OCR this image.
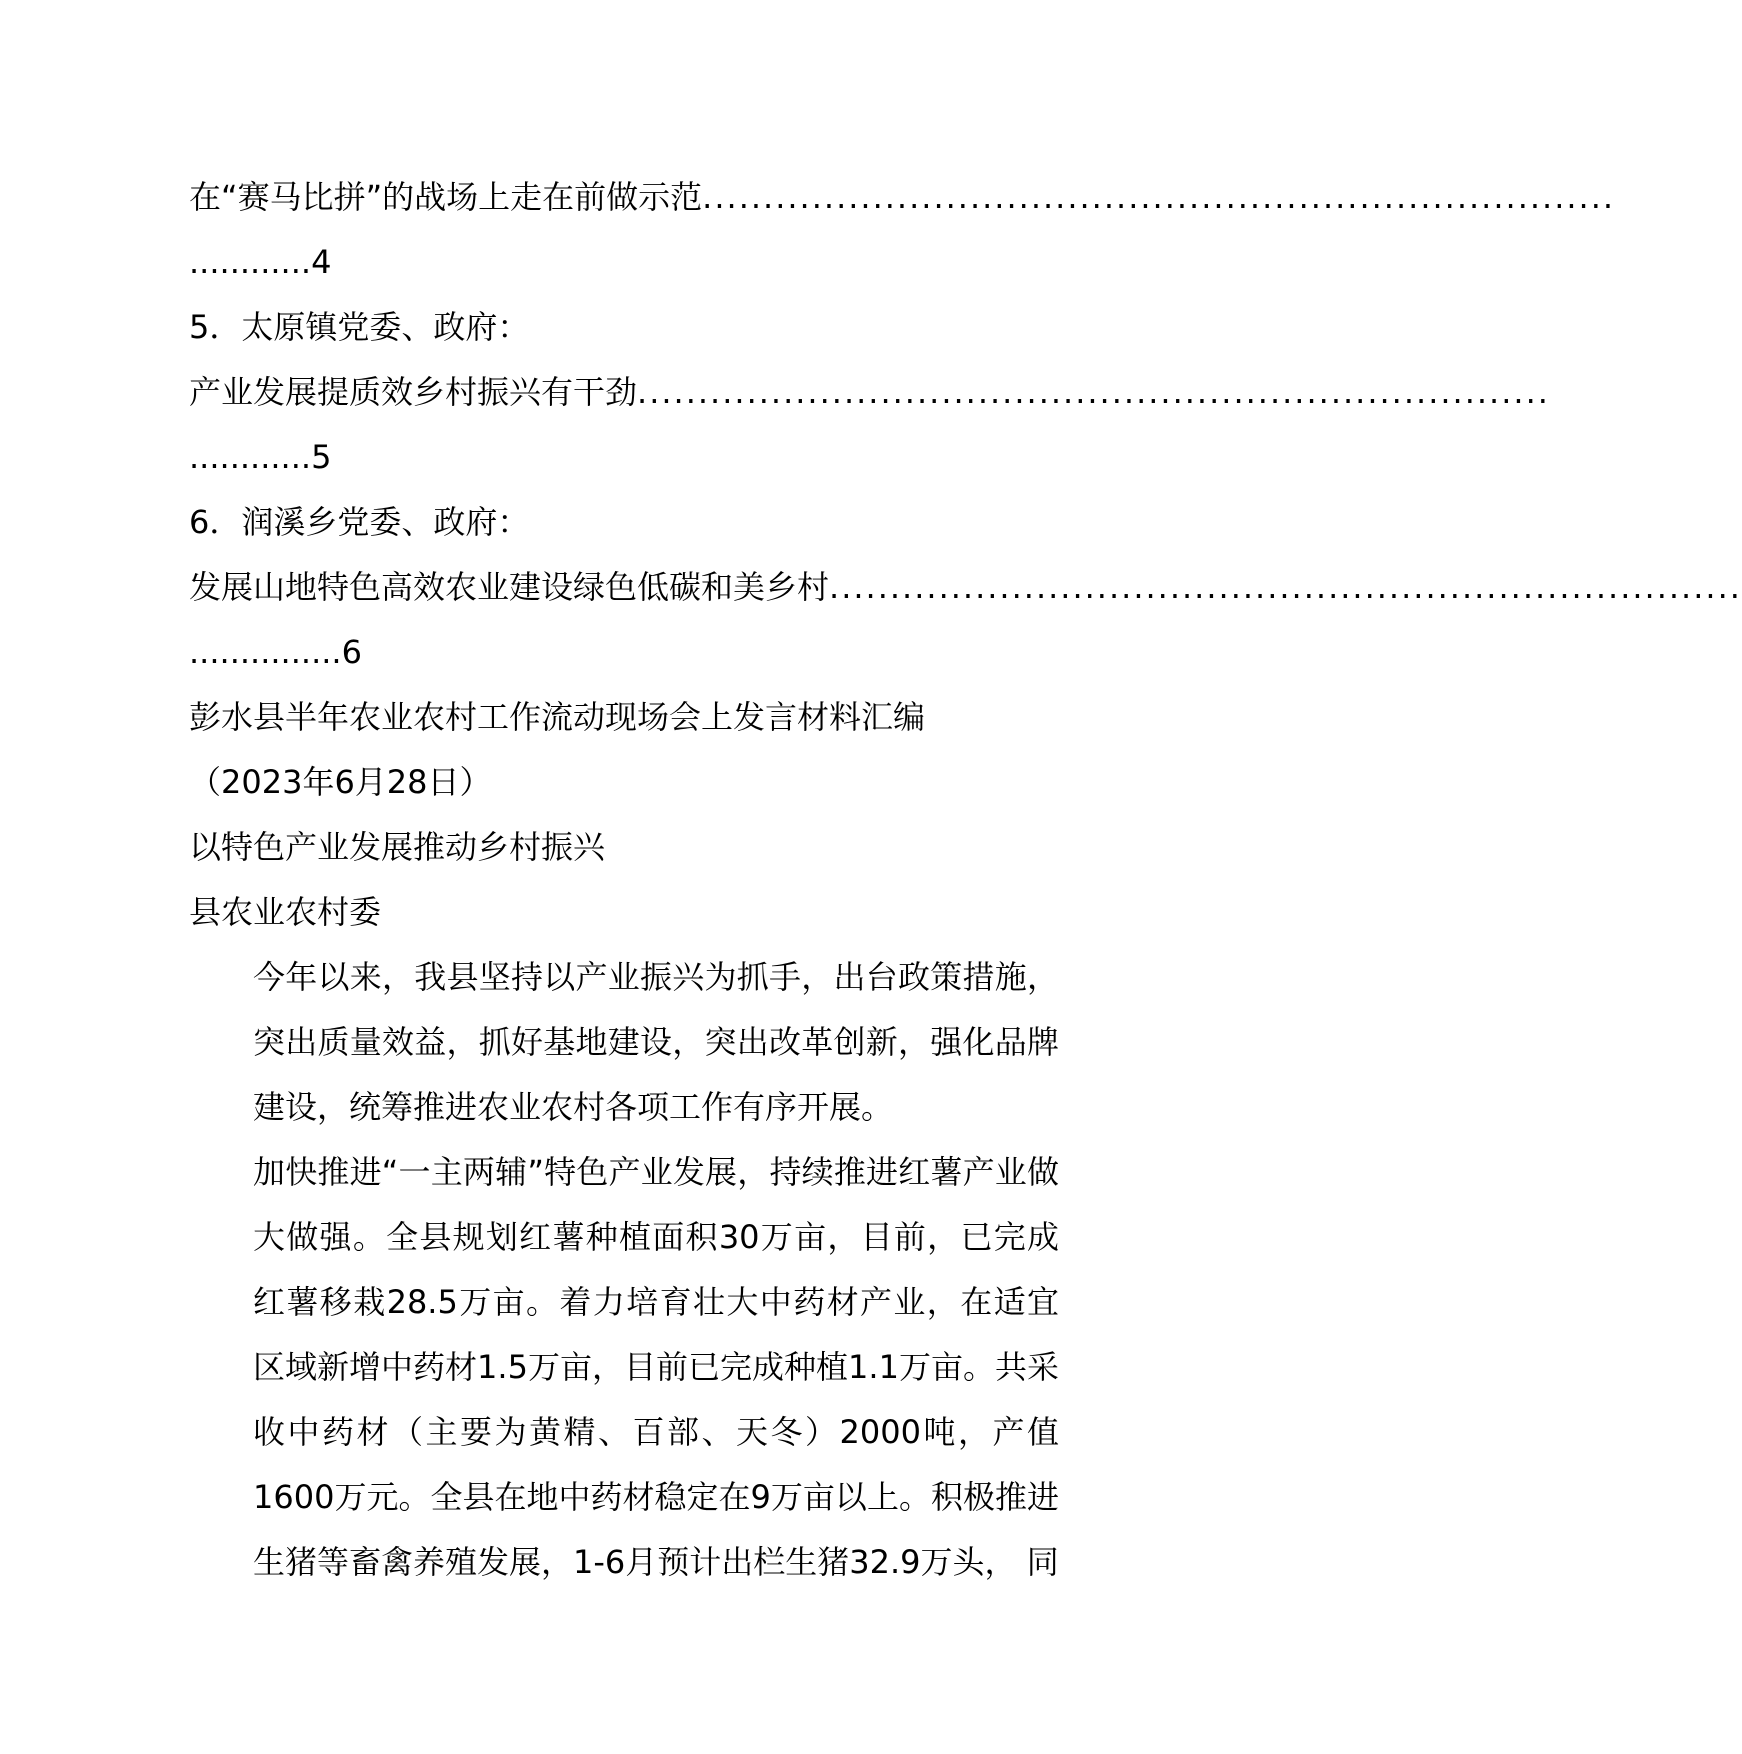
在“赛马比拼”的战场上走在前做示范 ...........................................................................
............4
5．太原镇党委、政府：
产业发展提质效乡村振兴有干劲 ...........................................................................
............5
6．润溪乡党委、政府：
发展山地特色高效农业建设绿色低碳和美乡村 ...........................................................................
...............6
彭水县半年农业农村工作流动现场会上发言材料汇编
（2023年6月28日）
以特色产业发展推动乡村振兴
县农业农村委
今年以来，我县坚持以产业振兴为抓手，出台政策措施，突出质量效益，抓好基地建设，突出改革创新，强化品牌建设，统筹推进农业农村各项工作有序开展。
加快推进“一主两辅”特色产业发展，持续推进红薯产业做大做强。全县规划红薯种植面积30万亩，目前，已完成红薯移栽28.5万亩。着力培育壮大中药材产业，在适宜区域新增中药材1.5万亩，目前已完成种植1.1万亩。共采收中药材（主要为黄精、百部、天冬）2000吨，产值1600万元。全县在地中药材稳定在9万亩以上。积极推进生猪等畜禽养殖发展，1-6月预计出栏生猪32.9万头， 同
